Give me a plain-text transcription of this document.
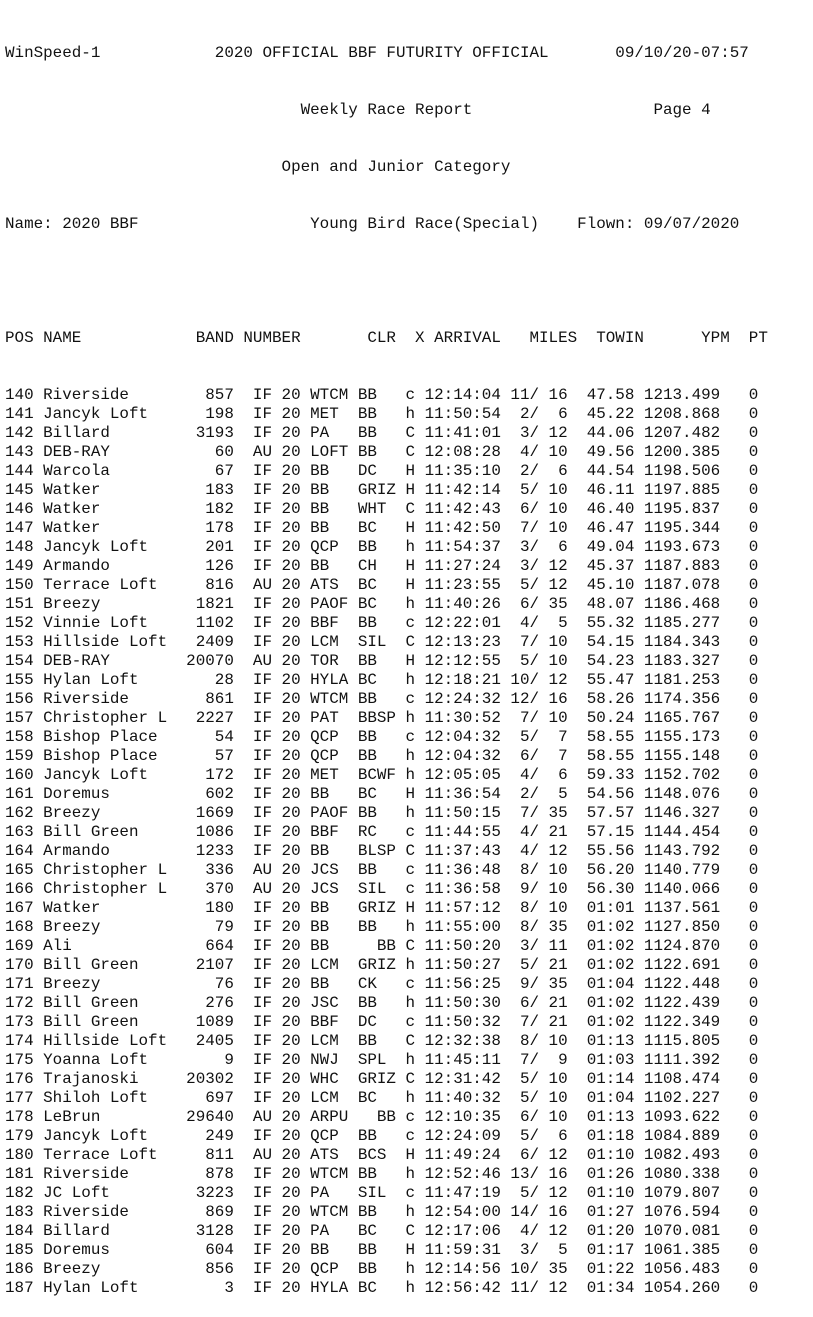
WinSpeed-1            2020 OFFICIAL BBF FUTURITY OFFICIAL       09/10/20-07:57

Weekly Race Report                   Page 4

Open and Junior Category

Name: 2020 BBF                  Young Bird Race(Special)    Flown: 09/07/2020

POS NAME            BAND NUMBER       CLR  X ARRIVAL   MILES  TOWIN      YPM  PT

140 Riverside        857  IF 20 WTCM BB   c 12:14:04 11/ 16  47.58 1213.499   0
141 Jancyk Loft      198  IF 20 MET  BB   h 11:50:54  2/  6  45.22 1208.868   0
142 Billard         3193  IF 20 PA   BB   C 11:41:01  3/ 12  44.06 1207.482   0
143 DEB-RAY           60  AU 20 LOFT BB   C 12:08:28  4/ 10  49.56 1200.385   0
144 Warcola           67  IF 20 BB   DC   H 11:35:10  2/  6  44.54 1198.506   0
145 Watker           183  IF 20 BB   GRIZ H 11:42:14  5/ 10  46.11 1197.885   0
146 Watker           182  IF 20 BB   WHT  C 11:42:43  6/ 10  46.40 1195.837   0
147 Watker           178  IF 20 BB   BC   H 11:42:50  7/ 10  46.47 1195.344   0
148 Jancyk Loft      201  IF 20 QCP  BB   h 11:54:37  3/  6  49.04 1193.673   0
149 Armando          126  IF 20 BB   CH   H 11:27:24  3/ 12  45.37 1187.883   0
150 Terrace Loft     816  AU 20 ATS  BC   H 11:23:55  5/ 12  45.10 1187.078   0
151 Breezy          1821  IF 20 PAOF BC   h 11:40:26  6/ 35  48.07 1186.468   0
152 Vinnie Loft     1102  IF 20 BBF  BB   c 12:22:01  4/  5  55.32 1185.277   0
153 Hillside Loft   2409  IF 20 LCM  SIL  C 12:13:23  7/ 10  54.15 1184.343   0
154 DEB-RAY        20070  AU 20 TOR  BB   H 12:12:55  5/ 10  54.23 1183.327   0
155 Hylan Loft        28  IF 20 HYLA BC   h 12:18:21 10/ 12  55.47 1181.253   0
156 Riverside        861  IF 20 WTCM BB   c 12:24:32 12/ 16  58.26 1174.356   0
157 Christopher L   2227  IF 20 PAT  BBSP h 11:30:52  7/ 10  50.24 1165.767   0
158 Bishop Place      54  IF 20 QCP  BB   c 12:04:32  5/  7  58.55 1155.173   0
159 Bishop Place      57  IF 20 QCP  BB   h 12:04:32  6/  7  58.55 1155.148   0
160 Jancyk Loft      172  IF 20 MET  BCWF h 12:05:05  4/  6  59.33 1152.702   0
161 Doremus          602  IF 20 BB   BC   H 11:36:54  2/  5  54.56 1148.076   0
162 Breezy          1669  IF 20 PAOF BB   h 11:50:15  7/ 35  57.57 1146.327   0
163 Bill Green      1086  IF 20 BBF  RC   c 11:44:55  4/ 21  57.15 1144.454   0
164 Armando         1233  IF 20 BB   BLSP C 11:37:43  4/ 12  55.56 1143.792   0
165 Christopher L    336  AU 20 JCS  BB   c 11:36:48  8/ 10  56.20 1140.779   0
166 Christopher L    370  AU 20 JCS  SIL  c 11:36:58  9/ 10  56.30 1140.066   0
167 Watker           180  IF 20 BB   GRIZ H 11:57:12  8/ 10  01:01 1137.561   0
168 Breezy            79  IF 20 BB   BB   h 11:55:00  8/ 35  01:02 1127.850   0
169 Ali              664  IF 20 BB     BB C 11:50:20  3/ 11  01:02 1124.870   0
170 Bill Green      2107  IF 20 LCM  GRIZ h 11:50:27  5/ 21  01:02 1122.691   0
171 Breezy            76  IF 20 BB   CK   c 11:56:25  9/ 35  01:04 1122.448   0
172 Bill Green       276  IF 20 JSC  BB   h 11:50:30  6/ 21  01:02 1122.439   0
173 Bill Green      1089  IF 20 BBF  DC   c 11:50:32  7/ 21  01:02 1122.349   0
174 Hillside Loft   2405  IF 20 LCM  BB   C 12:32:38  8/ 10  01:13 1115.805   0
175 Yoanna Loft        9  IF 20 NWJ  SPL  h 11:45:11  7/  9  01:03 1111.392   0
176 Trajanoski     20302  IF 20 WHC  GRIZ C 12:31:42  5/ 10  01:14 1108.474   0
177 Shiloh Loft      697  IF 20 LCM  BC   h 11:40:32  5/ 10  01:04 1102.227   0
178 LeBrun         29640  AU 20 ARPU   BB c 12:10:35  6/ 10  01:13 1093.622   0
179 Jancyk Loft      249  IF 20 QCP  BB   c 12:24:09  5/  6  01:18 1084.889   0
180 Terrace Loft     811  AU 20 ATS  BCS  H 11:49:24  6/ 12  01:10 1082.493   0
181 Riverside        878  IF 20 WTCM BB   h 12:52:46 13/ 16  01:26 1080.338   0
182 JC Loft         3223  IF 20 PA   SIL  c 11:47:19  5/ 12  01:10 1079.807   0
183 Riverside        869  IF 20 WTCM BB   h 12:54:00 14/ 16  01:27 1076.594   0
184 Billard         3128  IF 20 PA   BC   C 12:17:06  4/ 12  01:20 1070.081   0
185 Doremus          604  IF 20 BB   BB   H 11:59:31  3/  5  01:17 1061.385   0
186 Breezy           856  IF 20 QCP  BB   h 12:14:56 10/ 35  01:22 1056.483   0
187 Hylan Loft         3  IF 20 HYLA BC   h 12:56:42 11/ 12  01:34 1054.260   0
